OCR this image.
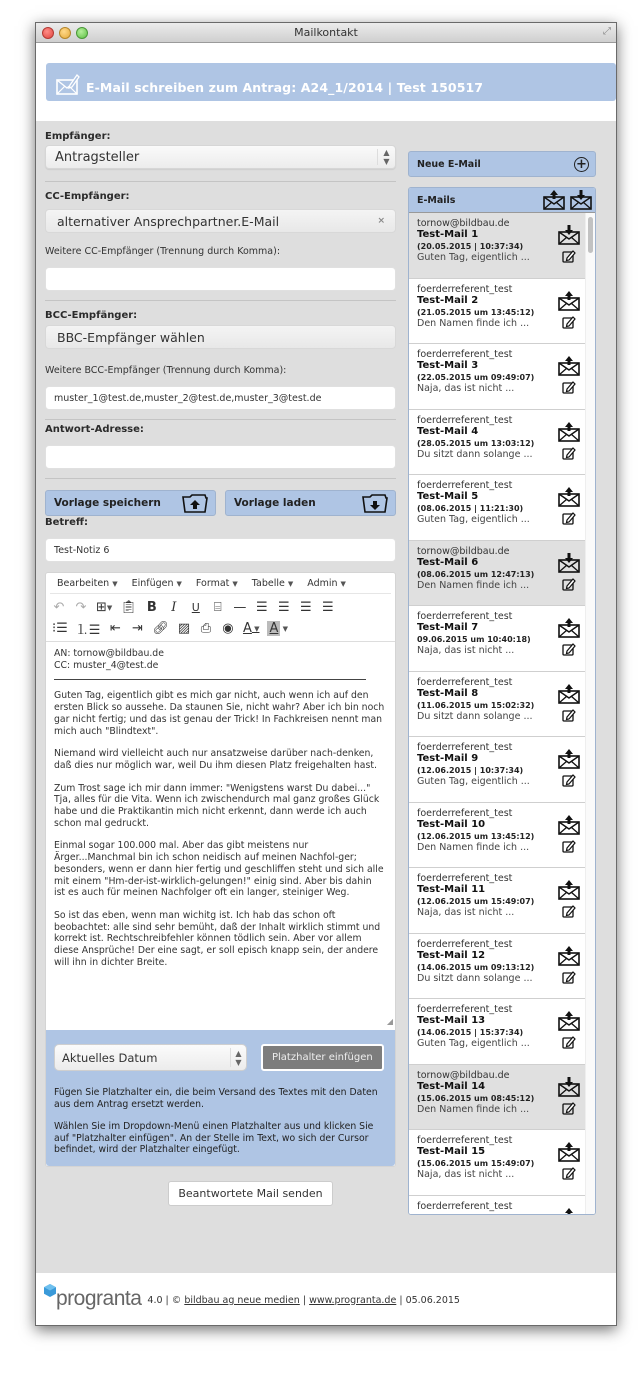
Mailkontakt	⤢
E-Mail schreiben zum Antrag: A24_1/2014 | Test 150517
Empfänger:
Antragsteller	▲
▼
CC-Empfänger:
alternativer Ansprechpartner.E-Mail	×
Weitere CC-Empfänger (Trennung durch Komma):
BCC-Empfänger:
BBC-Empfänger wählen
Weitere BCC-Empfänger (Trennung durch Komma):
muster_1@test.de,muster_2@test.de,muster_3@test.de
Antwort-Adresse:
Vorlage speichern	Vorlage laden
Betreff:
Test-Notiz 6
Bearbeiten ▼ Einfügen ▼ Format ▼ Tabelle ▼ Admin ▼
↶ ↷ ⊞ ▼ 📋︎ B	I	U ⌸ — ☰ ☰ ☰ ☰
⁝☰ ⒈☰ ⇤ ⇥ 🔗︎ ▨ ⎙ ◉ A ▼ A ▼
AN: tornow@bildbau.de
CC: muster_4@test.de

Guten Tag, eigentlich gibt es mich gar nicht, auch wenn ich auf den ersten Blick so aussehe. Da staunen Sie, nicht wahr? Aber ich bin noch gar nicht fertig; und das ist genau der Trick! In Fachkreisen nennt man mich auch "Blindtext".

Niemand wird vielleicht auch nur ansatzweise darüber nach-denken, daß dies nur möglich war, weil Du ihm diesen Platz freigehalten hast.

Zum Trost sage ich mir dann immer: "Wenigstens warst Du dabei..." Tja, alles für die Vita. Wenn ich zwischendurch mal ganz großes Glück habe und die Praktikantin mich nicht erkennt, dann werde ich auch schon mal gedruckt.

Einmal sogar 100.000 mal. Aber das gibt meistens nur Ärger...Manchmal bin ich schon neidisch auf meinen Nachfol-ger; besonders, wenn er dann hier fertig und geschliffen steht und sich alle mit einem "Hm-der-ist-wirklich-gelungen!" einig sind. Aber bis dahin ist es auch für meinen Nachfolger oft ein langer, steiniger Weg.

So ist das eben, wenn man wichitg ist. Ich hab das schon oft beobachtet: alle sind sehr bemüht, daß der Inhalt wirklich stimmt und korrekt ist. Rechtschreibfehler können tödlich sein. Aber vor allem diese Ansprüche! Der eine sagt, er soll episch knapp sein, der andere will ihn in dichter Breite.

◢
Aktuelles Datum	▲
▼	Platzhalter einfügen

Fügen Sie Platzhalter ein, die beim Versand des Textes mit den Daten aus dem Antrag ersetzt werden.

Wählen Sie im Dropdown-Menü einen Platzhalter aus und klicken Sie auf "Platzhalter einfügen". An der Stelle im Text, wo sich der Cursor befindet, wird der Platzhalter eingefügt.

Beantwortete Mail senden
Neue E-Mail	+
E-Mails
tornow@bildbau.de
Test-Mail 1
(20.05.2015 | 10:37:34)
Guten Tag, eigentlich ...
foerderreferent_test
Test-Mail 2
(21.05.2015 um 13:45:12)
Den Namen finde ich ...
foerderreferent_test
Test-Mail 3
(22.05.2015 um 09:49:07)
Naja, das ist nicht ...
foerderreferent_test
Test-Mail 4
(28.05.2015 um 13:03:12)
Du sitzt dann solange ...
foerderreferent_test
Test-Mail 5
(08.06.2015 | 11:21:30)
Guten Tag, eigentlich ...
tornow@bildbau.de
Test-Mail 6
(08.06.2015 um 12:47:13)
Den Namen finde ich ...
foerderreferent_test
Test-Mail 7
09.06.2015 um 10:40:18)
Naja, das ist nicht ...
foerderreferent_test
Test-Mail 8
(11.06.2015 um 15:02:32)
Du sitzt dann solange ...
foerderreferent_test
Test-Mail 9
(12.06.2015 | 10:37:34)
Guten Tag, eigentlich ...
foerderreferent_test
Test-Mail 10
(12.06.2015 um 13:45:12)
Den Namen finde ich ...
foerderreferent_test
Test-Mail 11
(12.06.2015 um 15:49:07)
Naja, das ist nicht ...
foerderreferent_test
Test-Mail 12
(14.06.2015 um 09:13:12)
Du sitzt dann solange ...
foerderreferent_test
Test-Mail 13
(14.06.2015 | 15:37:34)
Guten Tag, eigentlich ...
tornow@bildbau.de
Test-Mail 14
(15.06.2015 um 08:45:12)
Den Namen finde ich ...
foerderreferent_test
Test-Mail 15
(15.06.2015 um 15:49:07)
Naja, das ist nicht ...
foerderreferent_test
progranta 4.0 | © bildbau ag neue medien | www.progranta.de | 05.06.2015
